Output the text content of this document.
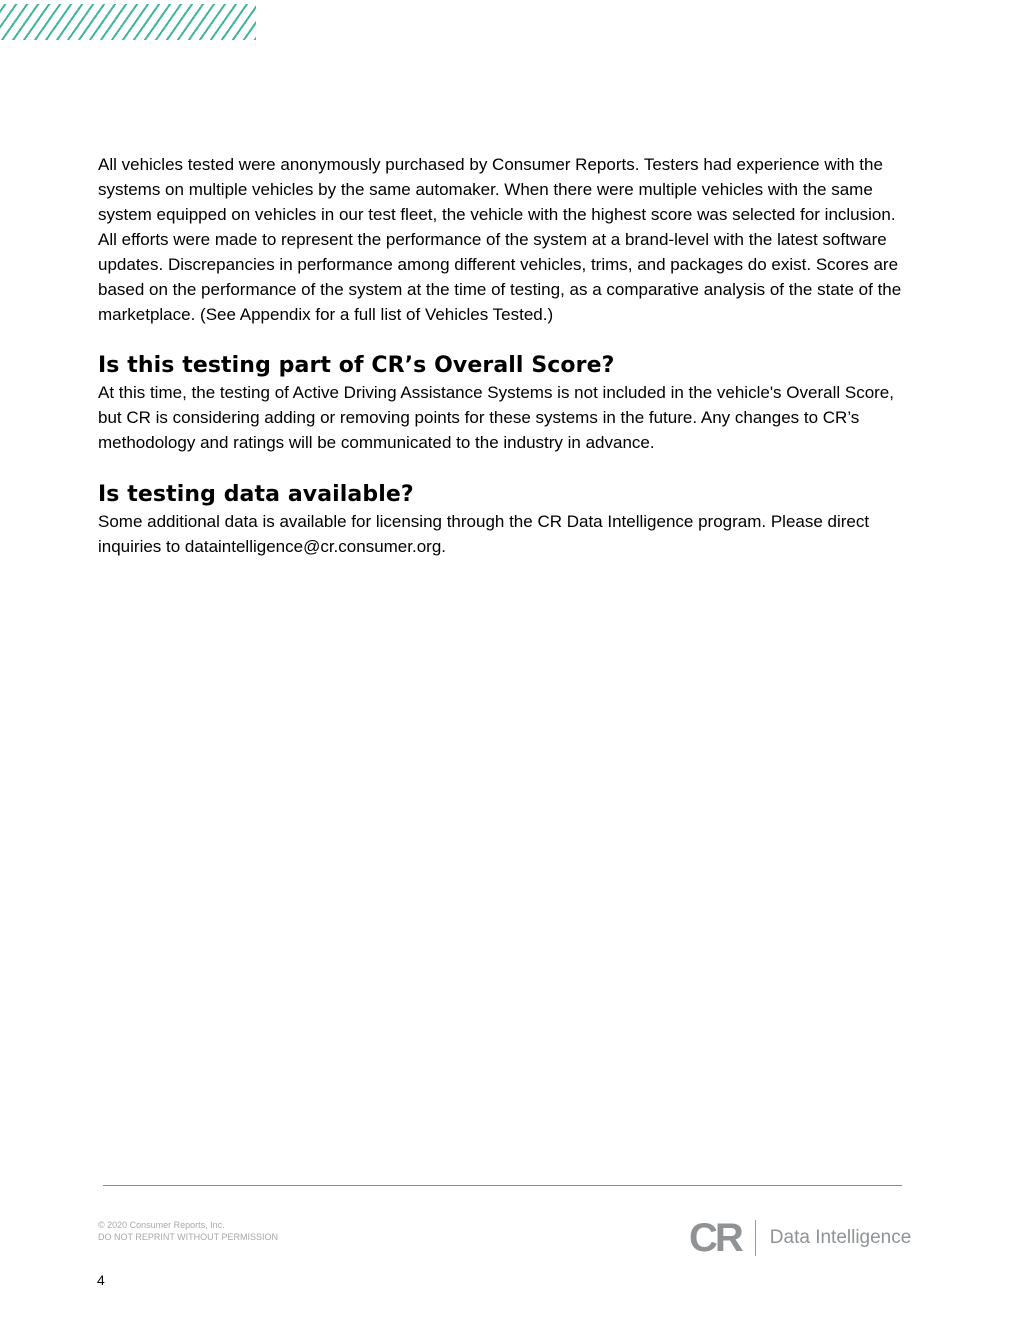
All vehicles tested were anonymously purchased by Consumer Reports. Testers had experience with the systems on multiple vehicles by the same automaker. When there were multiple vehicles with the same system equipped on vehicles in our test fleet, the vehicle with the highest score was selected for inclusion. All efforts were made to represent the performance of the system at a brand-level with the latest software updates. Discrepancies in performance among different vehicles, trims, and packages do exist. Scores are based on the performance of the system at the time of testing, as a comparative analysis of the state of the marketplace. (See Appendix for a full list of Vehicles Tested.)

Is this testing part of CR’s Overall Score?

At this time, the testing of Active Driving Assistance Systems is not included in the vehicle's Overall Score, but CR is considering adding or removing points for these systems in the future. Any changes to CR’s methodology and ratings will be communicated to the industry in advance.

Is testing data available?

Some additional data is available for licensing through the CR Data Intelligence program. Please direct inquiries to dataintelligence@cr.consumer.org.

© 2020 Consumer Reports, Inc.
DO NOT REPRINT WITHOUT PERMISSION	CR Data Intelligence
4
